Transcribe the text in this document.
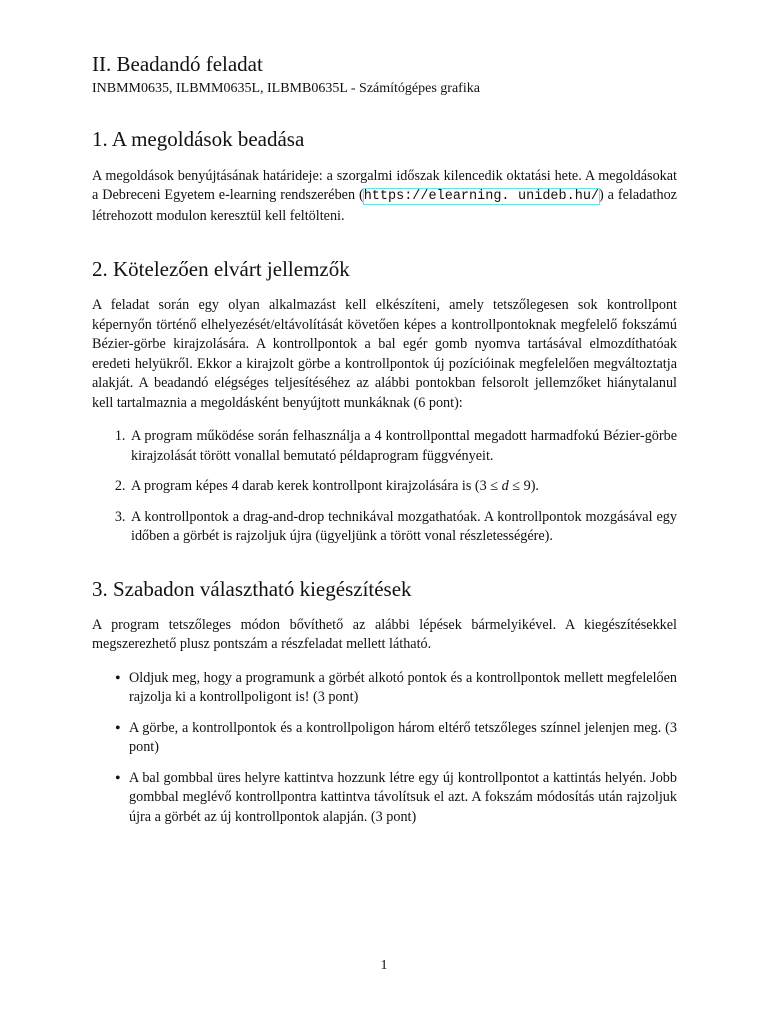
II. Beadandó feladat
INBMM0635, ILBMM0635L, ILBMB0635L - Számítógépes grafika
1. A megoldások beadása

A megoldások benyújtásának határideje: a szorgalmi időszak kilencedik oktatási hete. A megoldásokat a Debreceni Egyetem e-learning rendszerében (https://elearning. unideb.hu/) a feladathoz létrehozott modulon keresztül kell feltölteni.

2. Kötelezően elvárt jellemzők

A feladat során egy olyan alkalmazást kell elkészíteni, amely tetszőlegesen sok kontrollpont képernyőn történő elhelyezését/eltávolítását követően képes a kontrollpontoknak megfelelő fokszámú Bézier-görbe kirajzolására. A kontrollpontok a bal egér gomb nyomva tartásával elmozdíthatóak eredeti helyükről. Ekkor a kirajzolt görbe a kontrollpontok új pozícióinak megfelelően megváltoztatja alakját. A beadandó elégséges teljesítéséhez az alábbi pontokban felsorolt jellemzőket hiánytalanul kell tartalmaznia a megoldásként benyújtott munkáknak (6 pont):

1. A program működése során felhasználja a 4 kontrollponttal megadott harmadfokú Bézier-görbe kirajzolását törött vonallal bemutató példaprogram függvényeit.
2. A program képes 4 darab kerek kontrollpont kirajzolására is (3 ≤ d ≤ 9).
3. A kontrollpontok a drag-and-drop technikával mozgathatóak. A kontrollpontok mozgásával egy időben a görbét is rajzoljuk újra (ügyeljünk a törött vonal részletességére).
3. Szabadon választható kiegészítések

A program tetszőleges módon bővíthető az alábbi lépések bármelyikével. A kiegészítésekkel megszerezhető plusz pontszám a részfeladat mellett látható.

• Oldjuk meg, hogy a programunk a görbét alkotó pontok és a kontrollpontok mellett megfelelően rajzolja ki a kontrollpoligont is! (3 pont)
• A görbe, a kontrollpontok és a kontrollpoligon három eltérő tetszőleges színnel jelenjen meg. (3 pont)
• A bal gombbal üres helyre kattintva hozzunk létre egy új kontrollpontot a kattintás helyén. Jobb gombbal meglévő kontrollpontra kattintva távolítsuk el azt. A fokszám módosítás után rajzoljuk újra a görbét az új kontrollpontok alapján. (3 pont)
1
